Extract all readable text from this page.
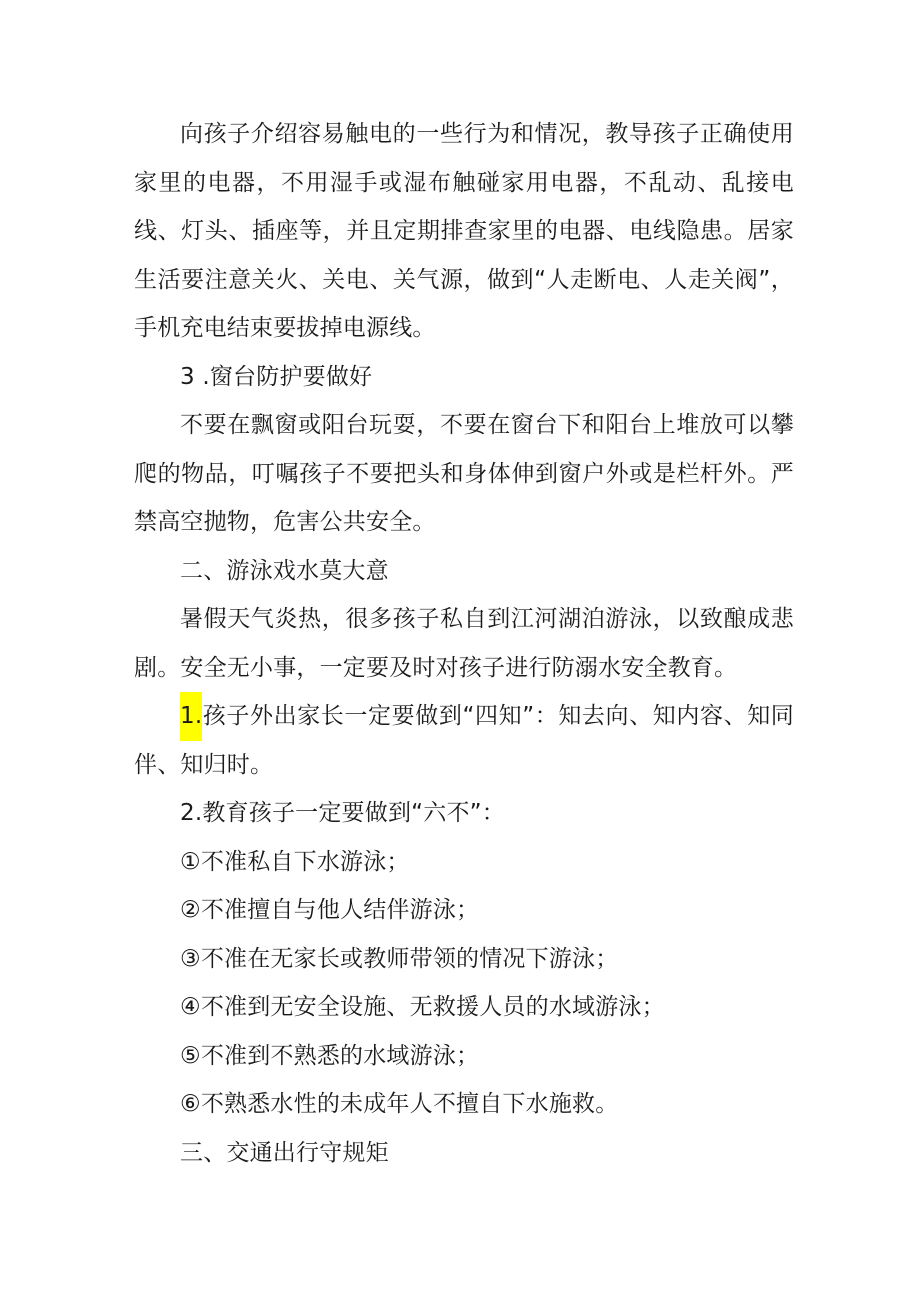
向孩子介绍容易触电的一些行为和情况，教导孩子正确使用家里的电器，不用湿手或湿布触碰家用电器，不乱动、乱接电线、灯头、插座等，并且定期排查家里的电器、电线隐患。居家生活要注意关火、关电、关气源，做到“人走断电、人走关阀”，手机充电结束要拔掉电源线。

3 .窗台防护要做好

不要在飘窗或阳台玩耍，不要在窗台下和阳台上堆放可以攀爬的物品，叮嘱孩子不要把头和身体伸到窗户外或是栏杆外。严禁高空抛物，危害公共安全。

二、游泳戏水莫大意

暑假天气炎热，很多孩子私自到江河湖泊游泳，以致酿成悲剧。安全无小事，一定要及时对孩子进行防溺水安全教育。

1.孩子外出家长一定要做到“四知”：知去向、知内容、知同伴、知归时。

2.教育孩子一定要做到“六不”：

①不准私自下水游泳；

②不准擅自与他人结伴游泳；

③不准在无家长或教师带领的情况下游泳；

④不准到无安全设施、无救援人员的水域游泳；

⑤不准到不熟悉的水域游泳；

⑥不熟悉水性的未成年人不擅自下水施救。

三、交通出行守规矩
